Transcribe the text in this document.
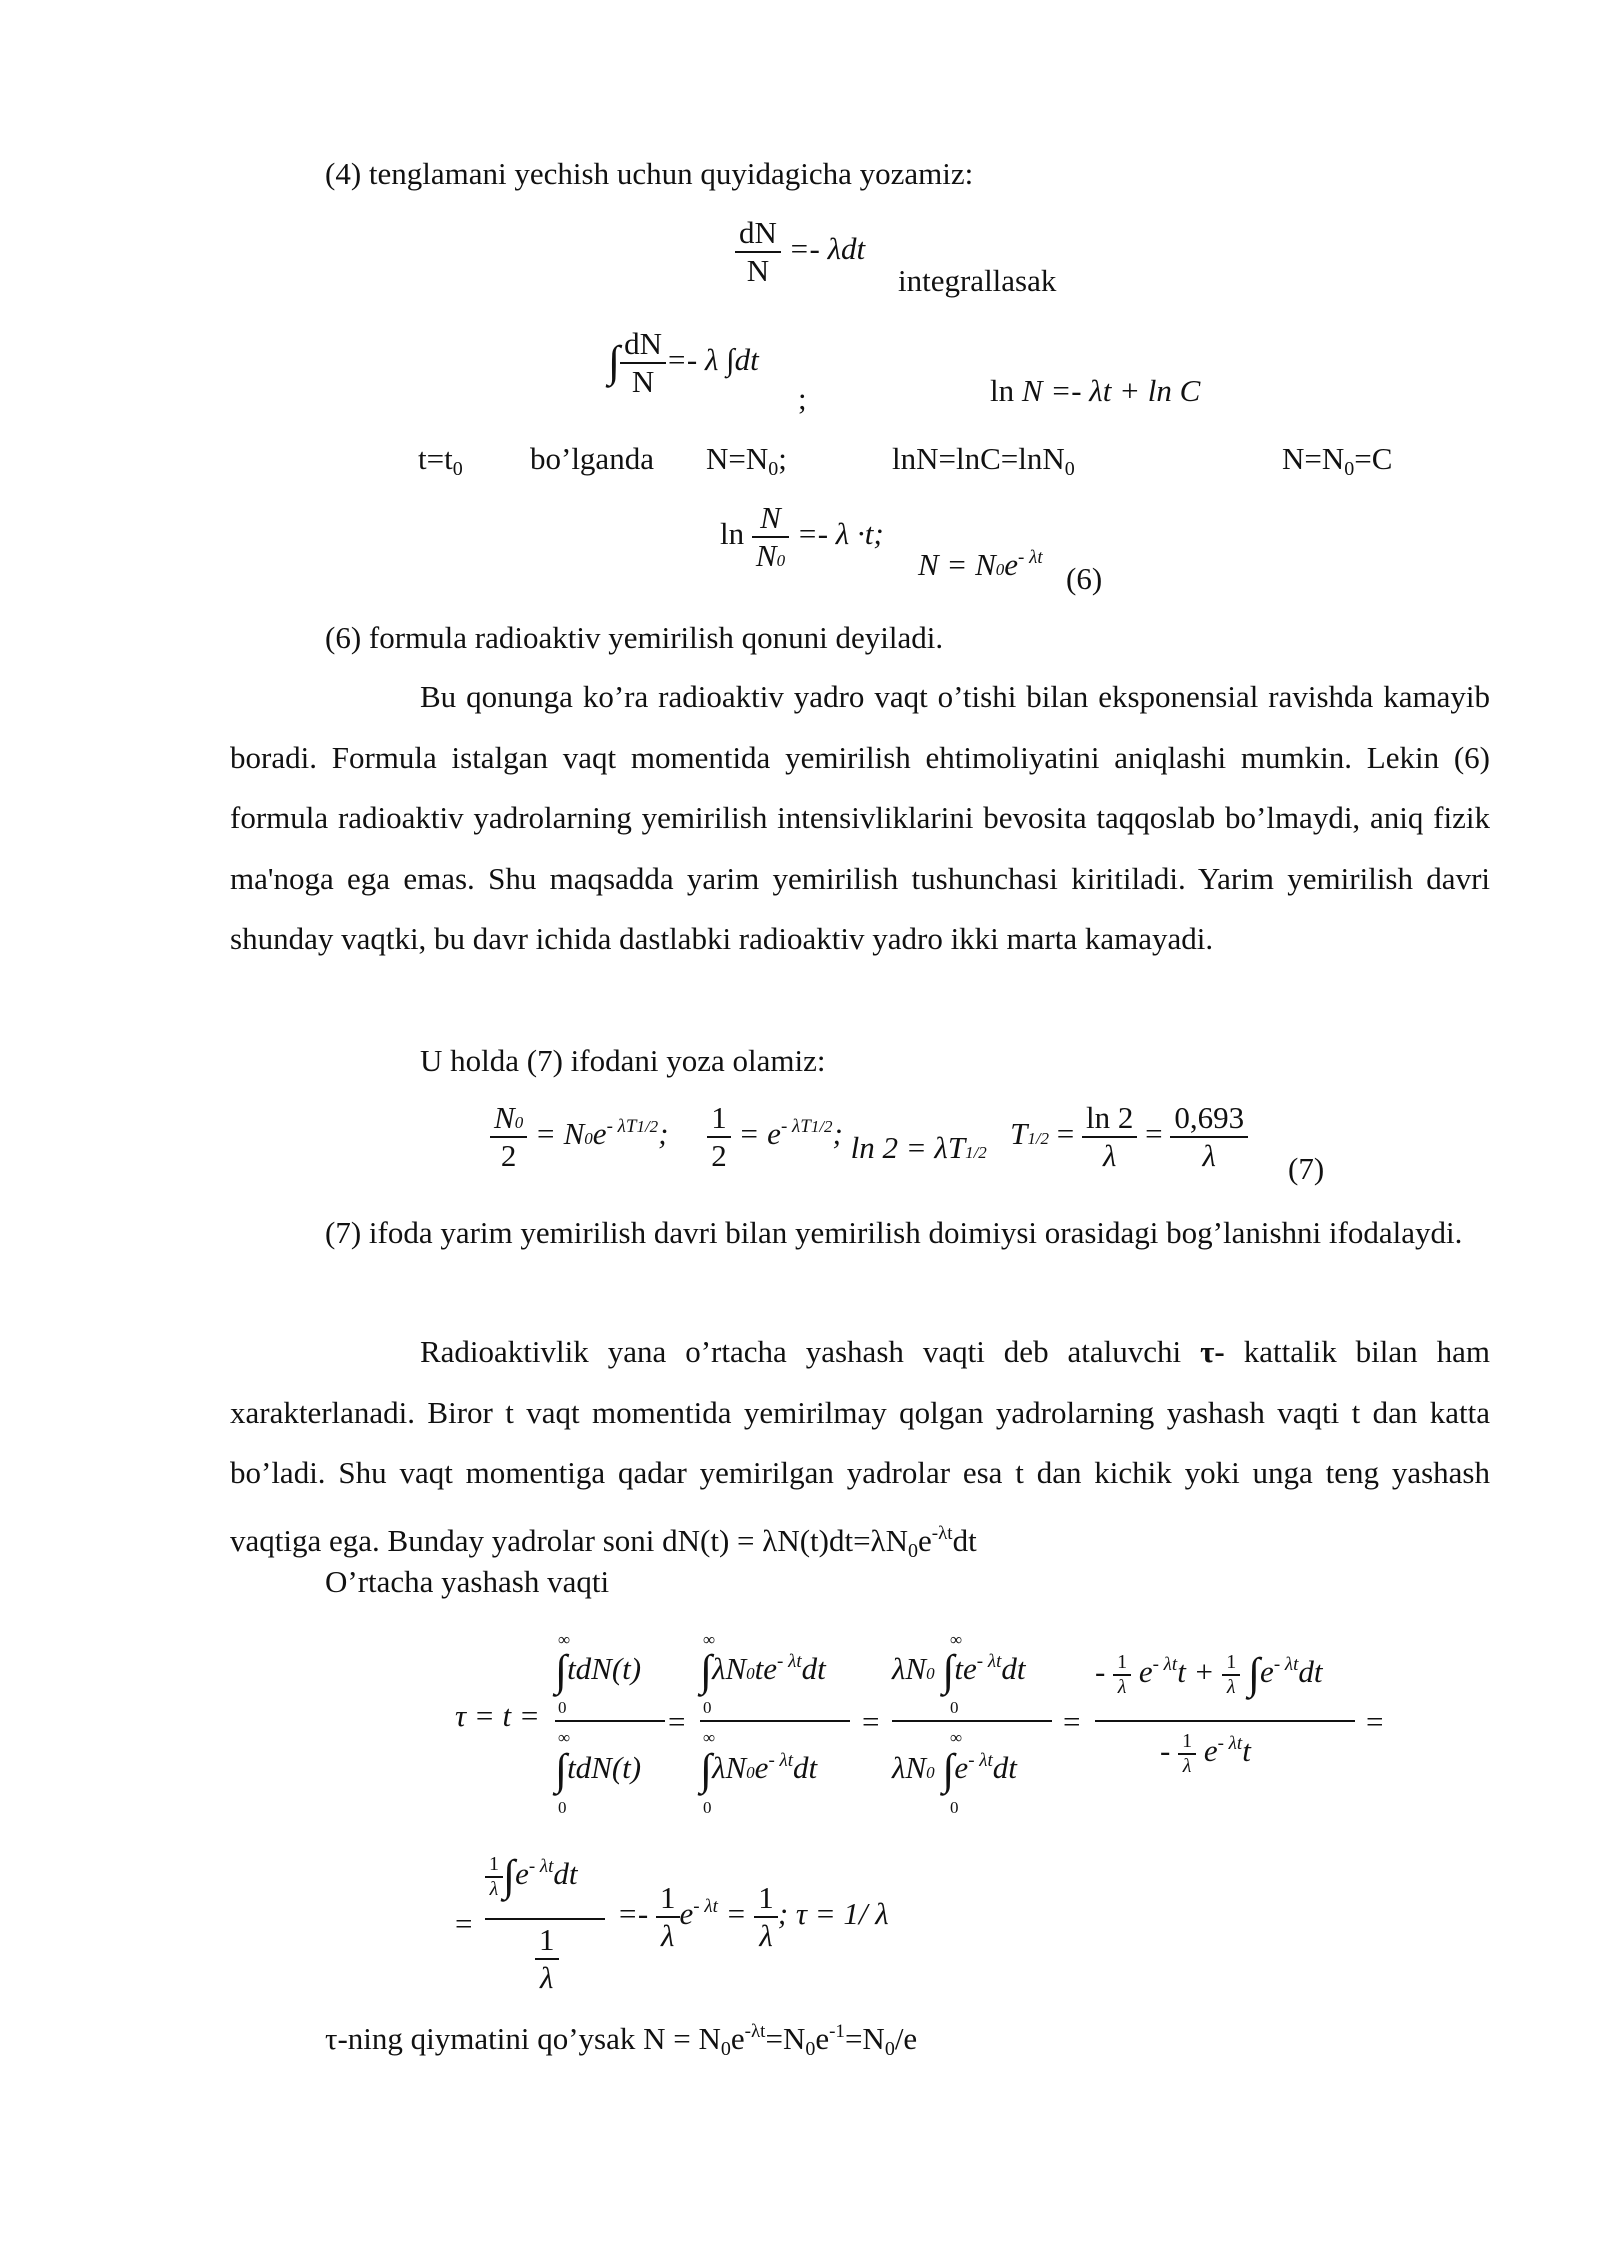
(4) tenglamani yechish uchun quyidagicha yozamiz:
$\frac{dN}{N} =- \lambda dt$
integrallasak
∫ $\frac{dN}{N} =- \lambda$ ∫dt
;	ln N =- λt + ln C
t=t0 bo’lganda N=N0;	lnN=lnC=lnN0	N=N0=C
$\ln \frac{N}{N0} =- \lambda \cdot t$;
$N = N0e^{- \lambda t}$
(6)
(6) formula radioaktiv yemirilish qonuni deyiladi.

Bu qonunga ko’ra radioaktiv yadro vaqt o’tishi bilan eksponensial ravishda kamayib boradi. Formula istalgan vaqt momentida yemirilish ehtimoliyatini aniqlashi mumkin. Lekin (6) formula radioaktiv yadrolarning yemirilish intensivliklarini bevosita taqqoslab bo’lmaydi, aniq fizik ma'noga ega emas. Shu maqsadda yarim yemirilish tushunchasi kiritiladi. Yarim yemirilish davri shunday vaqtki, bu davr ichida dastlabki radioaktiv yadro ikki marta kamayadi.

U holda (7) ifodani yoza olamiz:
$\frac{N0}{2} = N0e^{- \lambda T1/2}$; $\frac{1}{2} = e^{- \lambda T1/2}$; ln 2 = λT1/2   $T1/2 = \frac{\ln 2}{\lambda} = \frac{0,693}{\lambda} (7)$

(7) ifoda yarim yemirilish davri bilan yemirilish doimiysi orasidagi bog’lanishni ifodalaydi.

Radioaktivlik yana o’rtacha yashash vaqti deb ataluvchi τ- kattalik bilan ham xarakterlanadi. Biror t vaqt momentida yemirilmay qolgan yadrolarning yashash vaqti t dan katta bo’ladi. Shu vaqt momentiga qadar yemirilgan yadrolar esa t dan kichik yoki unga teng yashash vaqtiga ega. Bunday yadrolar soni $dN(t) = \lambda N(t)dt=\lambda N0e^{-\lambda t}dt$

O’rtacha yashash vaqti
τ = t =
∞
∫tdN(t)
0
∞
∫tdN(t)
0
=
∞
$\int\lambda N0te^{- \lambda t}dt$
0
∞
$\int\lambda N0e^{- \lambda t}dt$
0
=
∞
λN0 $\int te^{- \lambda t}dt$
0
∞
λN0 $\int e^{- \lambda t}dt$
0
=
- $\frac{1}{\lambda} e^{- \lambda t}t + \frac{1}{\lambda} \int e^{- \lambda t}dt$
- $\frac{1}{\lambda} e^{- \lambda t}t$
=
=
$\frac{1}{\lambda} \int e^{- \lambda t}dt$
$\frac{1}{\lambda}$
=- $\frac{1}{\lambda} e^{- \lambda t} = \frac{1}{\lambda}$ ; τ = 1/ λ
τ-ning qiymatini qo’ysak $N = N0e^{-\lambda t}=N0e^{-1}=N0/e$
